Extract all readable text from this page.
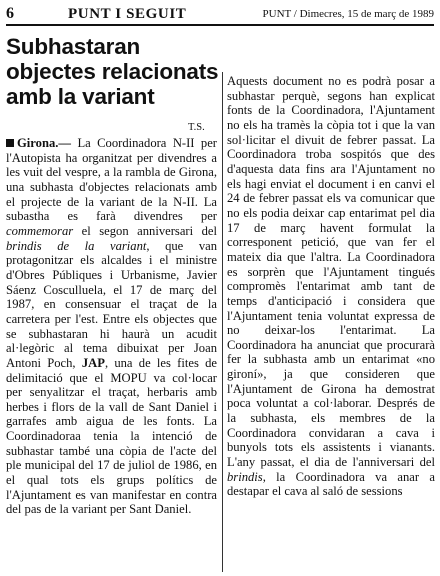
6	PUNT I SEGUIT	PUNT / Dimecres, 15 de març de 1989
Subhastaran objectes relacionats amb la variant
T.S.

Girona.— La Coordinadora N-II per l'Autopista ha organitzat per divendres a les vuit del vespre, a la rambla de Girona, una subhasta d'objectes relacionats amb el projecte de la variant de la N-II. La subastha es farà divendres per commemorar el segon anniversari del brindis de la variant, que van protagonitzar els alcaldes i el ministre d'Obres Públiques i Urbanisme, Javier Sáenz Cosculluela, el 17 de març del 1987, en consensuar el traçat de la carretera per l'est. Entre els objectes que se subhastaran hi haurà un acudit al·legòric al tema dibuixat per Joan Antoni Poch, JAP, una de les fites de delimitació que el MOPU va col·locar per senyalitzar el traçat, herbaris amb herbes i flors de la vall de Sant Daniel i garrafes amb aigua de les fonts. La Coordinadoraa tenia la intenció de subhastar també una còpia de l'acte del ple municipal del 17 de juliol de 1986, en el qual tots els grups polítics de l'Ajuntament es van manifestar en contra del pas de la variant per Sant Daniel.

Aquests document no es podrà posar a subhastar perquè, segons han explicat fonts de la Coordinadora, l'Ajuntament no els ha tramès la còpia tot i que la van sol·licitar el divuit de febrer passat. La Coordinadora troba sospitós que des d'aquesta data fins ara l'Ajuntament no els hagi enviat el document i en canvi el 24 de febrer passat els va comunicar que no els podia deixar cap entarimat pel dia 17 de març havent formulat la corresponent petició, que van fer el mateix dia que l'altra. La Coordinadora es sorprèn que l'Ajuntament tingués compromès l'entarimat amb tant de temps d'anticipació i considera que l'Ajuntament tenia voluntat expressa de no deixar-los l'entarimat. La Coordinadora ha anunciat que procurarà fer la subhasta amb un entarimat «no gironí», ja que consideren que l'Ajuntament de Girona ha demostrat poca voluntat a col·laborar. Després de la subhasta, els membres de la Coordinadora convidaran a cava i bunyols tots els assistents i vianants. L'any passat, el dia de l'anniversari del brindis, la Coordinadora va anar a destapar el cava al saló de sessions
